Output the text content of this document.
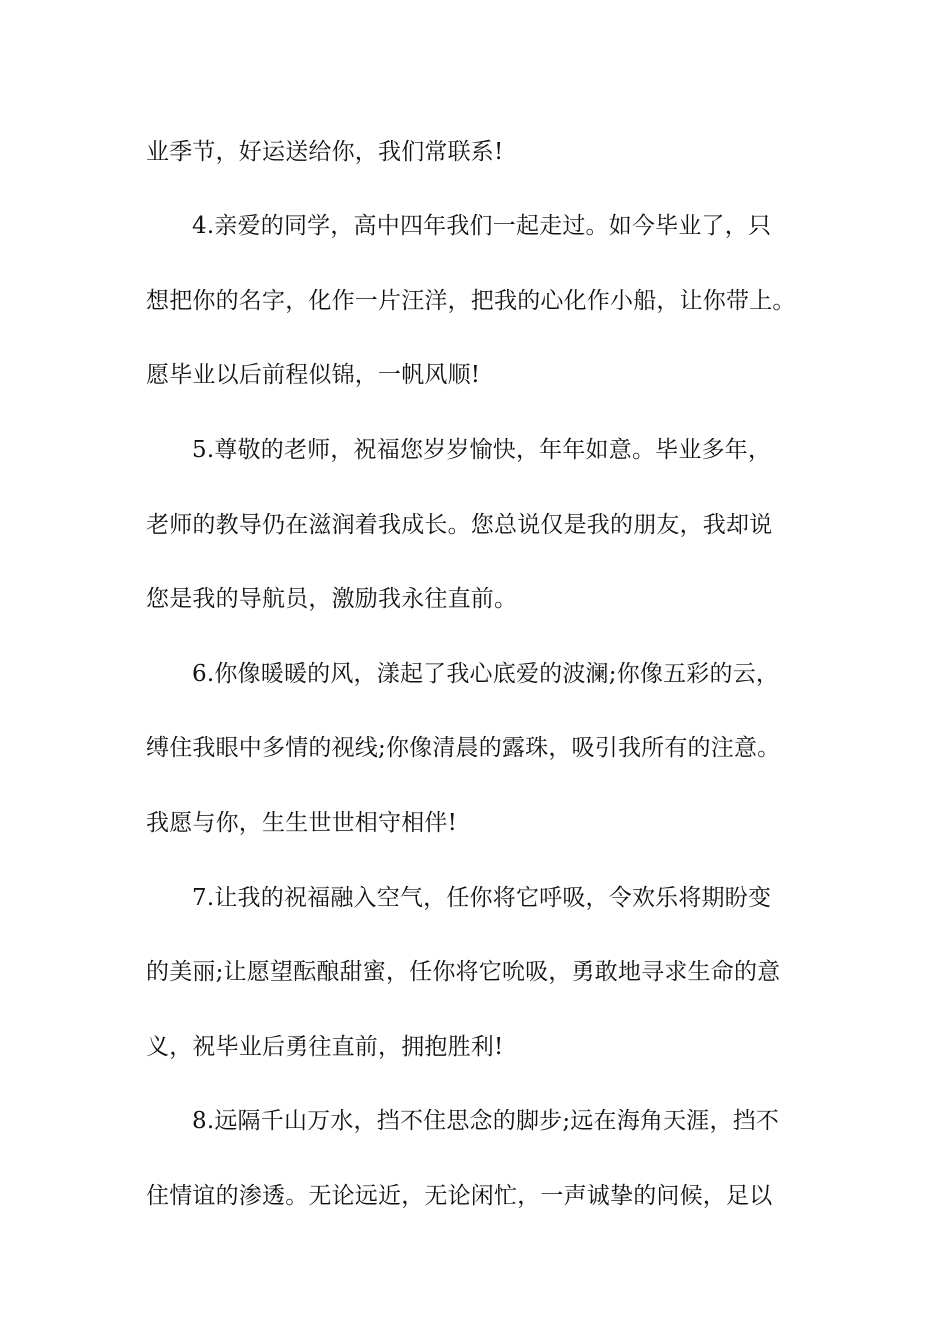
业季节，好运送给你，我们常联系!
4.亲爱的同学，高中四年我们一起走过。如今毕业了，只
想把你的名字，化作一片汪洋，把我的心化作小船，让你带上。
愿毕业以后前程似锦，一帆风顺!
5.尊敬的老师，祝福您岁岁愉快，年年如意。毕业多年，
老师的教导仍在滋润着我成长。您总说仅是我的朋友，我却说
您是我的导航员，激励我永往直前。
6.你像暖暖的风，漾起了我心底爱的波澜;你像五彩的云，
缚住我眼中多情的视线;你像清晨的露珠，吸引我所有的注意。
我愿与你，生生世世相守相伴!
7.让我的祝福融入空气，任你将它呼吸，令欢乐将期盼变
的美丽;让愿望酝酿甜蜜，任你将它吮吸，勇敢地寻求生命的意
义，祝毕业后勇往直前，拥抱胜利!
8.远隔千山万水，挡不住思念的脚步;远在海角天涯，挡不
住情谊的渗透。无论远近，无论闲忙，一声诚挚的问候，足以
